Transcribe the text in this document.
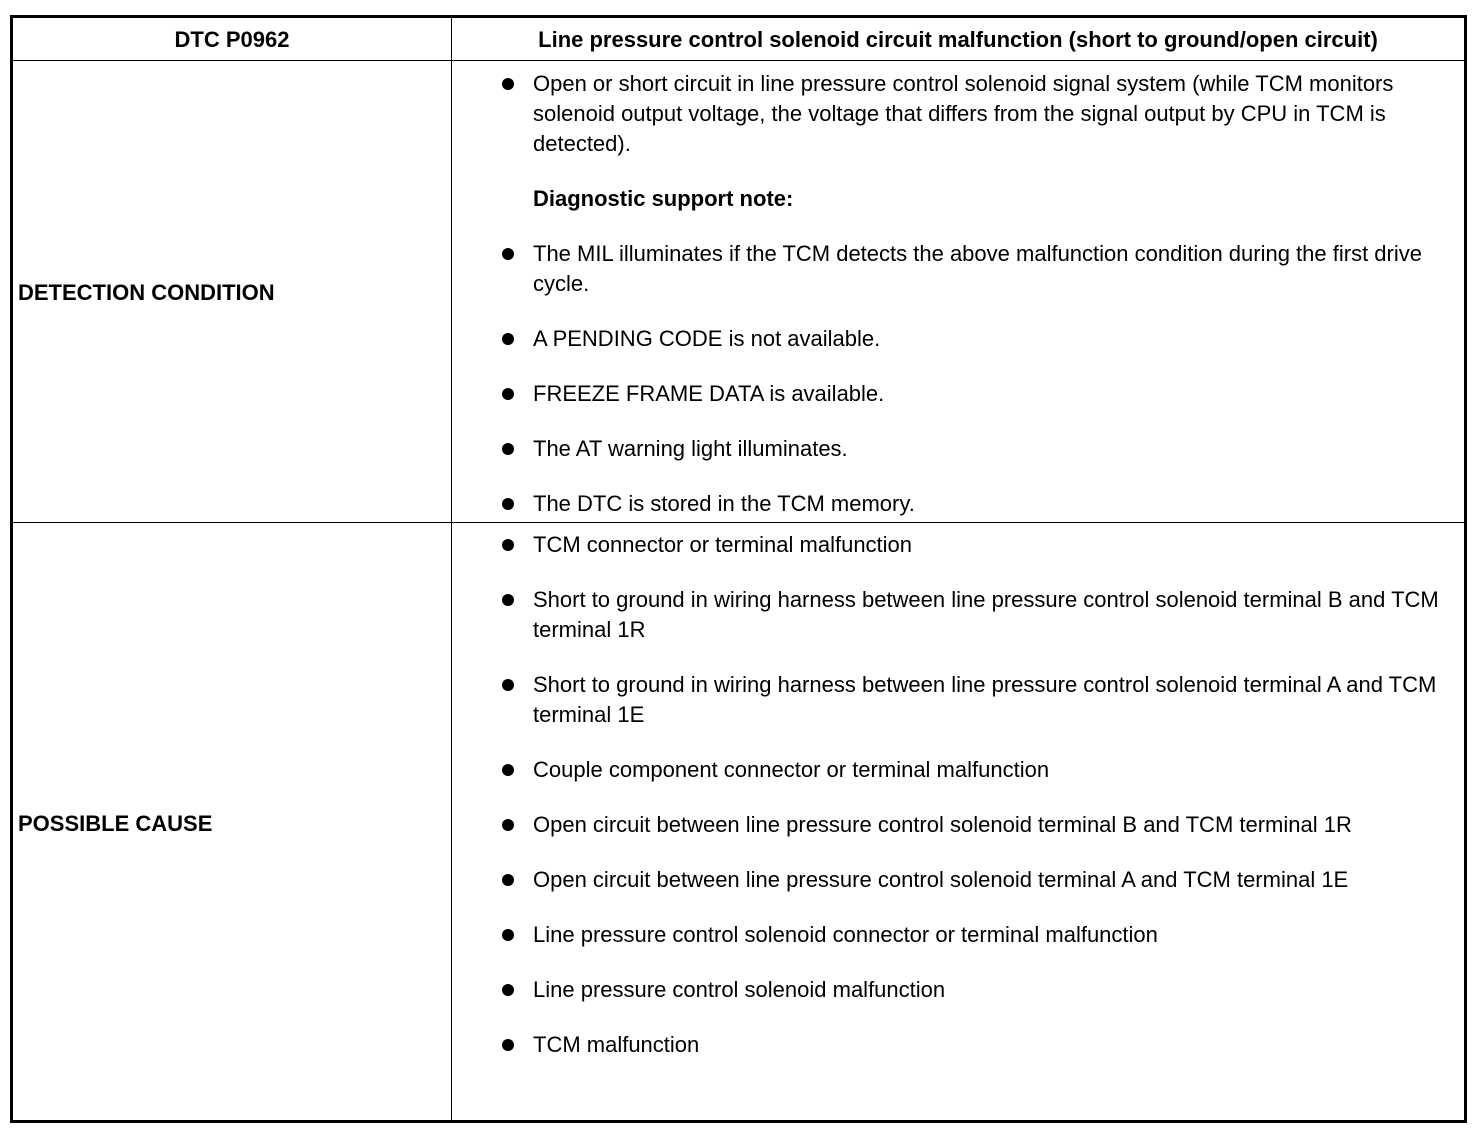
DTC P0962	Line pressure control solenoid circuit malfunction (short to ground/open circuit)
DETECTION CONDITION
Open or short circuit in line pressure control solenoid signal system (while TCM monitors solenoid output voltage, the voltage that differs from the signal output by CPU in TCM is detected).
Diagnostic support note:
The MIL illuminates if the TCM detects the above malfunction condition during the first drive cycle.
A PENDING CODE is not available.
FREEZE FRAME DATA is available.
The AT warning light illuminates.
The DTC is stored in the TCM memory.
POSSIBLE CAUSE
TCM connector or terminal malfunction
Short to ground in wiring harness between line pressure control solenoid terminal B and TCM terminal 1R
Short to ground in wiring harness between line pressure control solenoid terminal A and TCM terminal 1E
Couple component connector or terminal malfunction
Open circuit between line pressure control solenoid terminal B and TCM terminal 1R
Open circuit between line pressure control solenoid terminal A and TCM terminal 1E
Line pressure control solenoid connector or terminal malfunction
Line pressure control solenoid malfunction
TCM malfunction
